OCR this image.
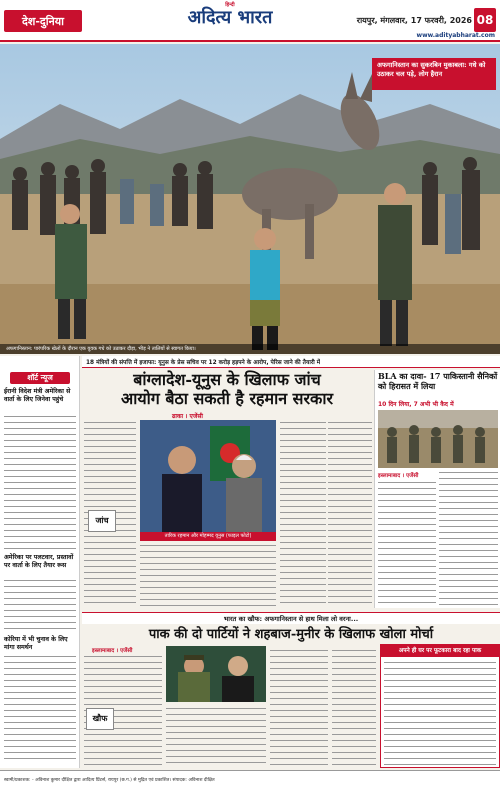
देश-दुनिया
हिन्दी
अदित्य भारत	रायपुर, मंगलवार, 17 फरवरी, 2026 08
www.adityabharat.com
अफगानिस्तान का सुकरबिन मुकाबला: गधे को उठाकर चल पड़े, लोग हैरान
अफगानिस्तान: पारंपरिक खेलों के दौरान एक युवक गधे को उठाकर दौड़ा, भीड़ ने तालियों से स्वागत किया।
18 मंत्रियों की संपत्ति में इजाफा: यूनुस के प्रेस सचिव पर 12 करोड़ हड़पने के आरोप, पेरिस जाने की तैयारी में
शॉर्ट न्यूज
ईरानी विदेश मंत्री अमेरिका से वार्ता के लिए जिनेवा पहुंचे
अमेरिका पर पलटवार, प्रस्तावों पर वार्ता के लिए तैयार रूस
कोरिया में भी चुनाव के लिए मांगा समर्थन
बांग्लादेश-यूनुस के खिलाफ जांच
आयोग बैठा सकती है रहमान सरकार
ढाका । एजेंसी
जांच
तारिक रहमान और मोहम्मद यूनुस (फाइल फोटो)
BLA का दावा- 17 पाकिस्तानी सैनिकों को हिरासत में लिया
10 दिन लिया, 7 अभी भी कैद में
इस्लामाबाद । एजेंसी
भारत का खौफ: अफगानिस्तान से हाथ मिला लो वरना...
पाक की दो पार्टियों ने शहबाज-मुनीर के खिलाफ खोला मोर्चा
इस्लामाबाद । एजेंसी
खौफ
अपने ही घर पर फूटकारा बाद रहा पाक
स्वामी/प्रकाशक: - अविनाश कुमार दीक्षित द्वारा आदित्य प्रिंटर्स, रायपुर (छ.ग.) से मुद्रित एवं प्रकाशित। संपादक: अविनाश दीक्षित
